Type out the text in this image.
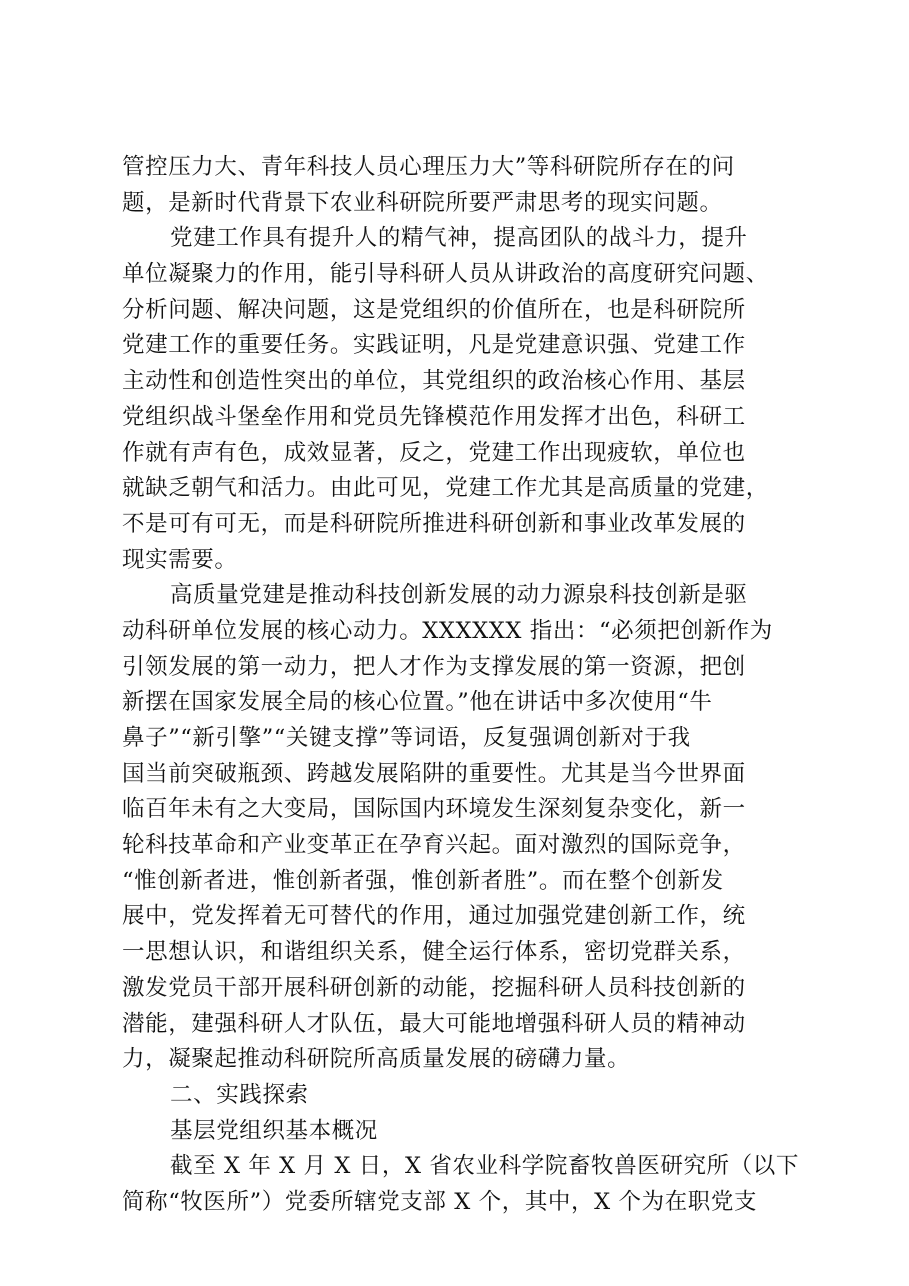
管控压力大、青年科技人员心理压力大”等科研院所存在的问
题，是新时代背景下农业科研院所要严肃思考的现实问题。
党建工作具有提升人的精气神，提高团队的战斗力，提升
单位凝聚力的作用，能引导科研人员从讲政治的高度研究问题、
分析问题、解决问题，这是党组织的价值所在，也是科研院所
党建工作的重要任务。实践证明，凡是党建意识强、党建工作
主动性和创造性突出的单位，其党组织的政治核心作用、基层
党组织战斗堡垒作用和党员先锋模范作用发挥才出色，科研工
作就有声有色，成效显著，反之，党建工作出现疲软，单位也
就缺乏朝气和活力。由此可见，党建工作尤其是高质量的党建，
不是可有可无，而是科研院所推进科研创新和事业改革发展的
现实需要。
高质量党建是推动科技创新发展的动力源泉科技创新是驱
动科研单位发展的核心动力。XXXXXX 指出：“必须把创新作为
引领发展的第一动力，把人才作为支撑发展的第一资源，把创
新摆在国家发展全局的核心位置。”他在讲话中多次使用“牛
鼻子”“新引擎”“关键支撑”等词语，反复强调创新对于我
国当前突破瓶颈、跨越发展陷阱的重要性。尤其是当今世界面
临百年未有之大变局，国际国内环境发生深刻复杂变化，新一
轮科技革命和产业变革正在孕育兴起。面对激烈的国际竞争，
“惟创新者进，惟创新者强，惟创新者胜”。而在整个创新发
展中，党发挥着无可替代的作用，通过加强党建创新工作，统
一思想认识，和谐组织关系，健全运行体系，密切党群关系，
激发党员干部开展科研创新的动能，挖掘科研人员科技创新的
潜能，建强科研人才队伍，最大可能地增强科研人员的精神动
力，凝聚起推动科研院所高质量发展的磅礴力量。
二、实践探索
基层党组织基本概况
截至 X 年 X 月 X 日，X 省农业科学院畜牧兽医研究所（以下
简称“牧医所”）党委所辖党支部 X 个，其中，X 个为在职党支
